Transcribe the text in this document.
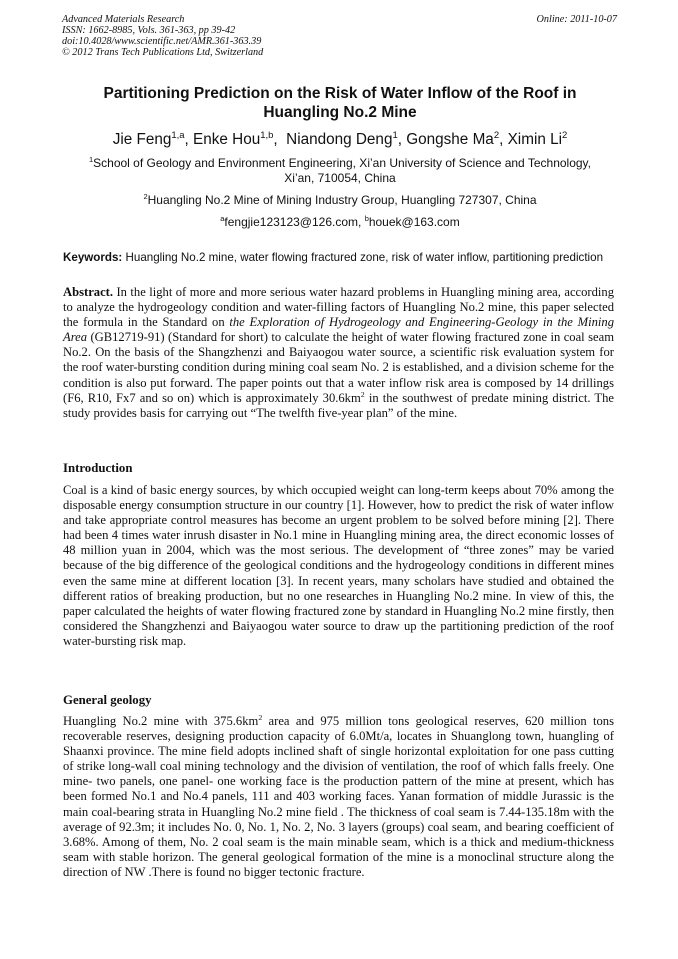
Advanced Materials Research
ISSN: 1662-8985, Vols. 361-363, pp 39-42
doi:10.4028/www.scientific.net/AMR.361-363.39
© 2012 Trans Tech Publications Ltd, Switzerland
Online: 2011-10-07
Partitioning Prediction on the Risk of Water Inflow of the Roof in Huangling No.2 Mine
Jie Feng$^{1,a}$, Enke Hou$^{1,b}$,  Niandong Deng$^1$, Gongshe Ma$^2$, Ximin Li$^2$
$^1$School of Geology and Environment Engineering, Xi’an University of Science and Technology,
Xi’an, 710054, China
$^2$Huangling No.2 Mine of Mining Industry Group, Huangling 727307, China
$^a$fengjie123123@126.com, $^b$houek@163.com
Keywords: Huangling No.2 mine, water flowing fractured zone, risk of water inflow, partitioning prediction
Abstract. In the light of more and more serious water hazard problems in Huangling mining area, according to analyze the hydrogeology condition and water-filling factors of Huangling No.2 mine, this paper selected the formula in the Standard on the Exploration of Hydrogeology and Engineering-Geology in the Mining Area (GB12719-91) (Standard for short) to calculate the height of water flowing fractured zone in coal seam No.2. On the basis of the Shangzhenzi and Baiyaogou water source, a scientific risk evaluation system for the roof water-bursting condition during mining coal seam No. 2 is established, and a division scheme for the condition is also put forward. The paper points out that a water inflow risk area is composed by 14 drillings (F6, R10, Fx7 and so on) which is approximately $30.6km^2$ in the southwest of predate mining district. The study provides basis for carrying out “The twelfth five-year plan” of the mine.
Introduction
Coal is a kind of basic energy sources, by which occupied weight can long-term keeps about 70% among the disposable energy consumption structure in our country [1]. However, how to predict the risk of water inflow and take appropriate control measures has become an urgent problem to be solved before mining [2]. There had been 4 times water inrush disaster in No.1 mine in Huangling mining area, the direct economic losses of 48 million yuan in 2004, which was the most serious. The development of “three zones” may be varied because of the big difference of the geological conditions and the hydrogeology conditions in different mines even the same mine at different location [3]. In recent years, many scholars have studied and obtained the different ratios of breaking production, but no one researches in Huangling No.2 mine. In view of this, the paper calculated the heights of water flowing fractured zone by standard in Huangling No.2 mine firstly, then considered the Shangzhenzi and Baiyaogou water source to draw up the partitioning prediction of the roof water-bursting risk map.
General geology
Huangling No.2 mine with $375.6km^2$ area and 975 million tons geological reserves, 620 million tons recoverable reserves, designing production capacity of 6.0Mt/a, locates in Shuanglong town, huangling of Shaanxi province. The mine field adopts inclined shaft of single horizontal exploitation for one pass cutting of strike long-wall coal mining technology and the division of ventilation, the roof of which falls freely. One mine- two panels, one panel- one working face is the production pattern of the mine at present, which has been formed No.1 and No.4 panels, 111 and 403 working faces. Yanan formation of middle Jurassic is the main coal-bearing strata in Huangling No.2 mine field . The thickness of coal seam is 7.44-135.18m with the average of 92.3m; it includes No. 0, No. 1, No. 2, No. 3 layers (groups) coal seam, and bearing coefficient of 3.68%. Among of them, No. 2 coal seam is the main minable seam, which is a thick and medium-thickness seam with stable horizon. The general geological formation of the mine is a monoclinal structure along the direction of NW .There is found no bigger tectonic fracture.
